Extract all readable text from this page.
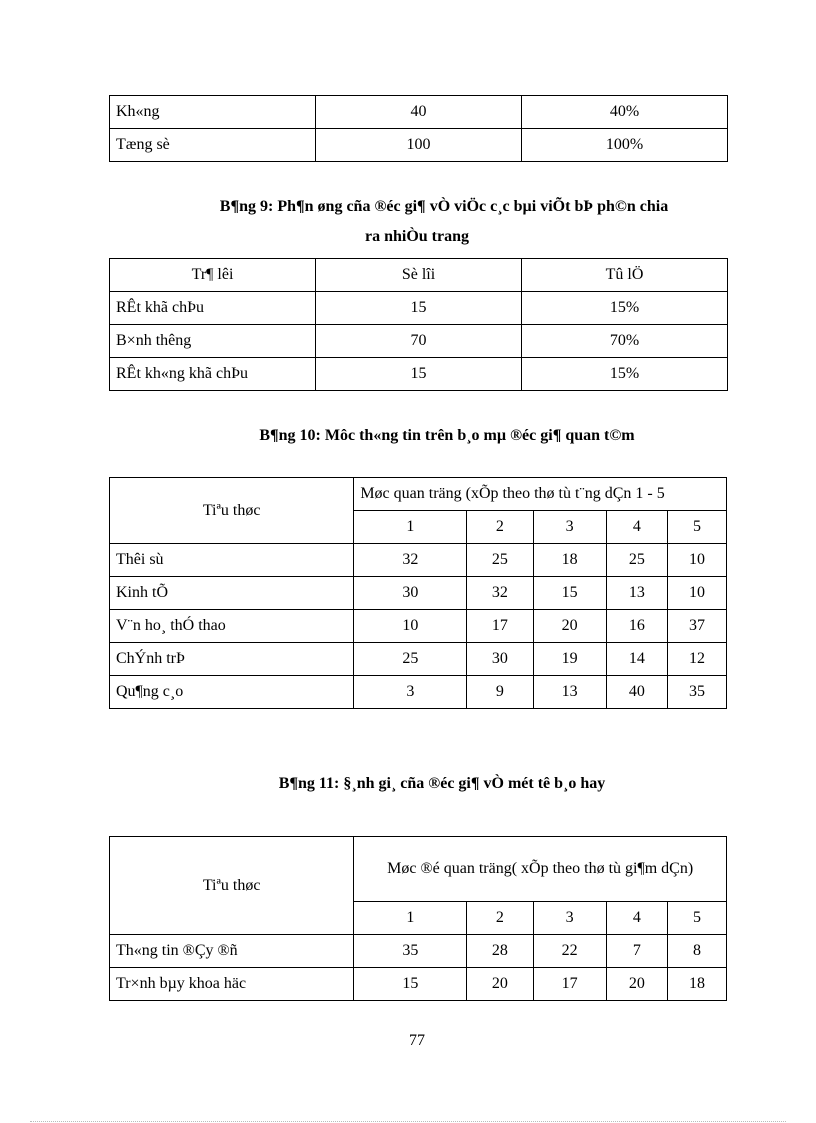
Kh«ng	40	40%
Tæng sè	100	100%
B¶ng 9: Ph¶n øng cña ®éc gi¶ vÒ viÖc c¸c bµi viÕt bÞ ph©n chia
ra nhiÒu trang
Tr¶ lêi	Sè lîi	Tû lÖ
RÊt khã chÞu	15	15%
B×nh thêng	70	70%
RÊt kh«ng khã chÞu	15	15%
B¶ng 10: Môc th«ng tin trên b¸o mµ ®éc gi¶ quan t©m
Tiªu thøc	Møc quan träng (xÕp theo thø tù t¨ng dÇn 1 - 5				
	1	2	3	4	5
Thêi sù	32	25	18	25	10
Kinh tÕ	30	32	15	13	10
V¨n ho¸ thÓ thao	10	17	20	16	37
ChÝnh trÞ	25	30	19	14	12
Qu¶ng c¸o	3	9	13	40	35
B¶ng 11: §¸nh gi¸ cña ®éc gi¶ vÒ mét tê b¸o hay
Tiªu thøc	Møc ®é quan träng( xÕp theo thø tù gi¶m dÇn)				
	1	2	3	4	5
Th«ng tin ®Çy ®ñ	35	28	22	7	8
Tr×nh bµy khoa häc	15	20	17	20	18
77
